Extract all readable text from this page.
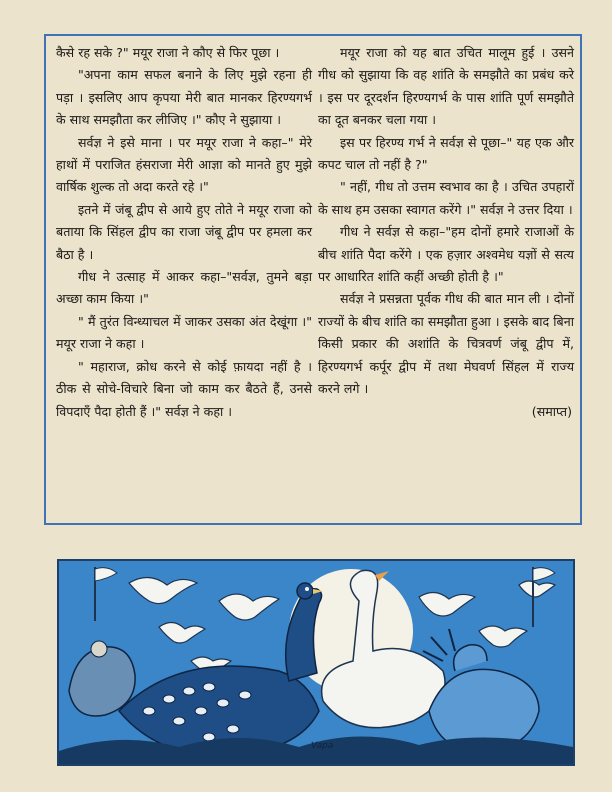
कैसे रह सके ?" मयूर राजा ने कौए से फिर पूछा ।

"अपना काम सफल बनाने के लिए मुझे रहना ही पड़ा । इसलिए आप कृपया मेरी बात मानकर हिरण्यगर्भ के साथ समझौता कर लीजिए ।" कौए ने सुझाया ।

सर्वज्ञ ने इसे माना । पर मयूर राजा ने कहा–" मेरे हाथों में पराजित हंसराजा मेरी आज्ञा को मानते हुए मुझे वार्षिक शुल्क तो अदा करते रहे ।"

इतने में जंबू द्वीप से आये हुए तोते ने मयूर राजा को बताया कि सिंहल द्वीप का राजा जंबू द्वीप पर हमला कर बैठा है ।

गीध ने उत्साह में आकर कहा–"सर्वज्ञ, तुमने बड़ा अच्छा काम किया ।"

" मैं तुरंत विन्ध्याचल में जाकर उसका अंत देखूंगा ।" मयूर राजा ने कहा ।

" महाराज, क्रोध करने से कोई फ़ायदा नहीं है । ठीक से सोचे-विचारे बिना जो काम कर बैठते हैं, उनसे विपदाएँ पैदा होती हैं ।" सर्वज्ञ ने कहा ।

मयूर राजा को यह बात उचित मालूम हुई । उसने गीध को सुझाया कि वह शांति के समझौते का प्रबंध करे । इस पर दूरदर्शन हिरण्यगर्भ के पास शांति पूर्ण समझौते का दूत बनकर चला गया ।

इस पर हिरण्य गर्भ ने सर्वज्ञ से पूछा–" यह एक और कपट चाल तो नहीं है ?"

" नहीं, गीध तो उत्तम स्वभाव का है । उचित उपहारों के साथ हम उसका स्वागत करेंगे ।" सर्वज्ञ ने उत्तर दिया ।

गीध ने सर्वज्ञ से कहा–"हम दोनों हमारे राजाओं के बीच शांति पैदा करेंगे । एक हज़ार अश्वमेध यज्ञों से सत्य पर आधारित शांति कहीं अच्छी होती है ।"

सर्वज्ञ ने प्रसन्नता पूर्वक गीध की बात मान ली । दोनों राज्यों के बीच शांति का समझौता हुआ । इसके बाद बिना किसी प्रकार की अशांति के चित्रवर्ण जंबू द्वीप में, हिरण्यगर्भ कर्पूर द्वीप में तथा मेघवर्ण सिंहल में राज्य करने लगे ।

(समाप्त)

Vapa
